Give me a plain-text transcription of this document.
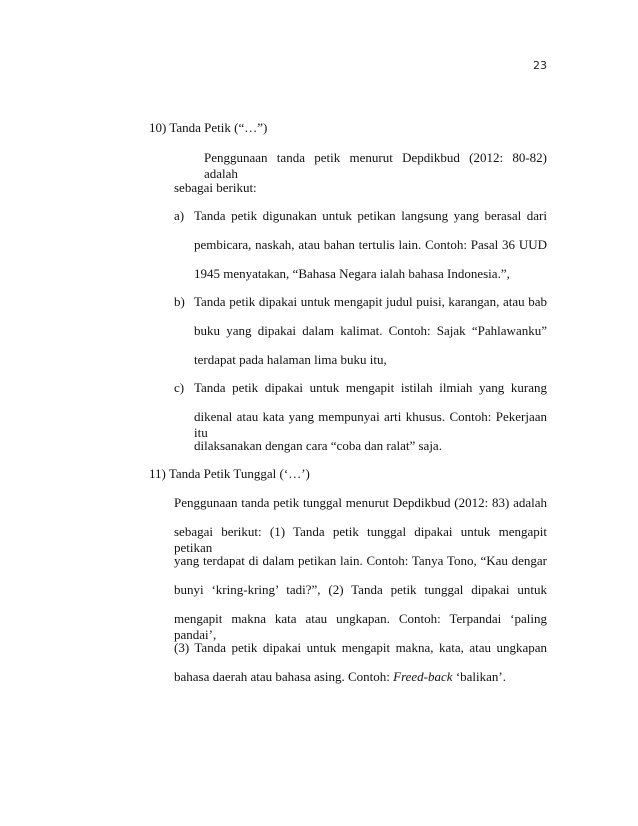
23
10) Tanda Petik (“…”)
Penggunaan tanda petik menurut Depdikbud (2012: 80-82) adalah
sebagai berikut:
a) Tanda petik digunakan untuk petikan langsung yang berasal dari
pembicara, naskah, atau bahan tertulis lain. Contoh: Pasal 36 UUD
1945 menyatakan, “Bahasa Negara ialah bahasa Indonesia.”,
b) Tanda petik dipakai untuk mengapit judul puisi, karangan, atau bab
buku yang dipakai dalam kalimat. Contoh: Sajak “Pahlawanku”
terdapat pada halaman lima buku itu,
c) Tanda petik dipakai untuk mengapit istilah ilmiah yang kurang
dikenal atau kata yang mempunyai arti khusus. Contoh: Pekerjaan itu
dilaksanakan dengan cara “coba dan ralat” saja.
11) Tanda Petik Tunggal (‘…’)
Penggunaan tanda petik tunggal menurut Depdikbud (2012: 83) adalah
sebagai berikut: (1) Tanda petik tunggal dipakai untuk mengapit petikan
yang terdapat di dalam petikan lain. Contoh: Tanya Tono, “Kau dengar
bunyi ‘kring-kring’ tadi?”, (2) Tanda petik tunggal dipakai untuk
mengapit makna kata atau ungkapan. Contoh: Terpandai ‘paling pandai’,
(3) Tanda petik dipakai untuk mengapit makna, kata, atau ungkapan
bahasa daerah atau bahasa asing. Contoh: Freed-back ‘balikan’.
